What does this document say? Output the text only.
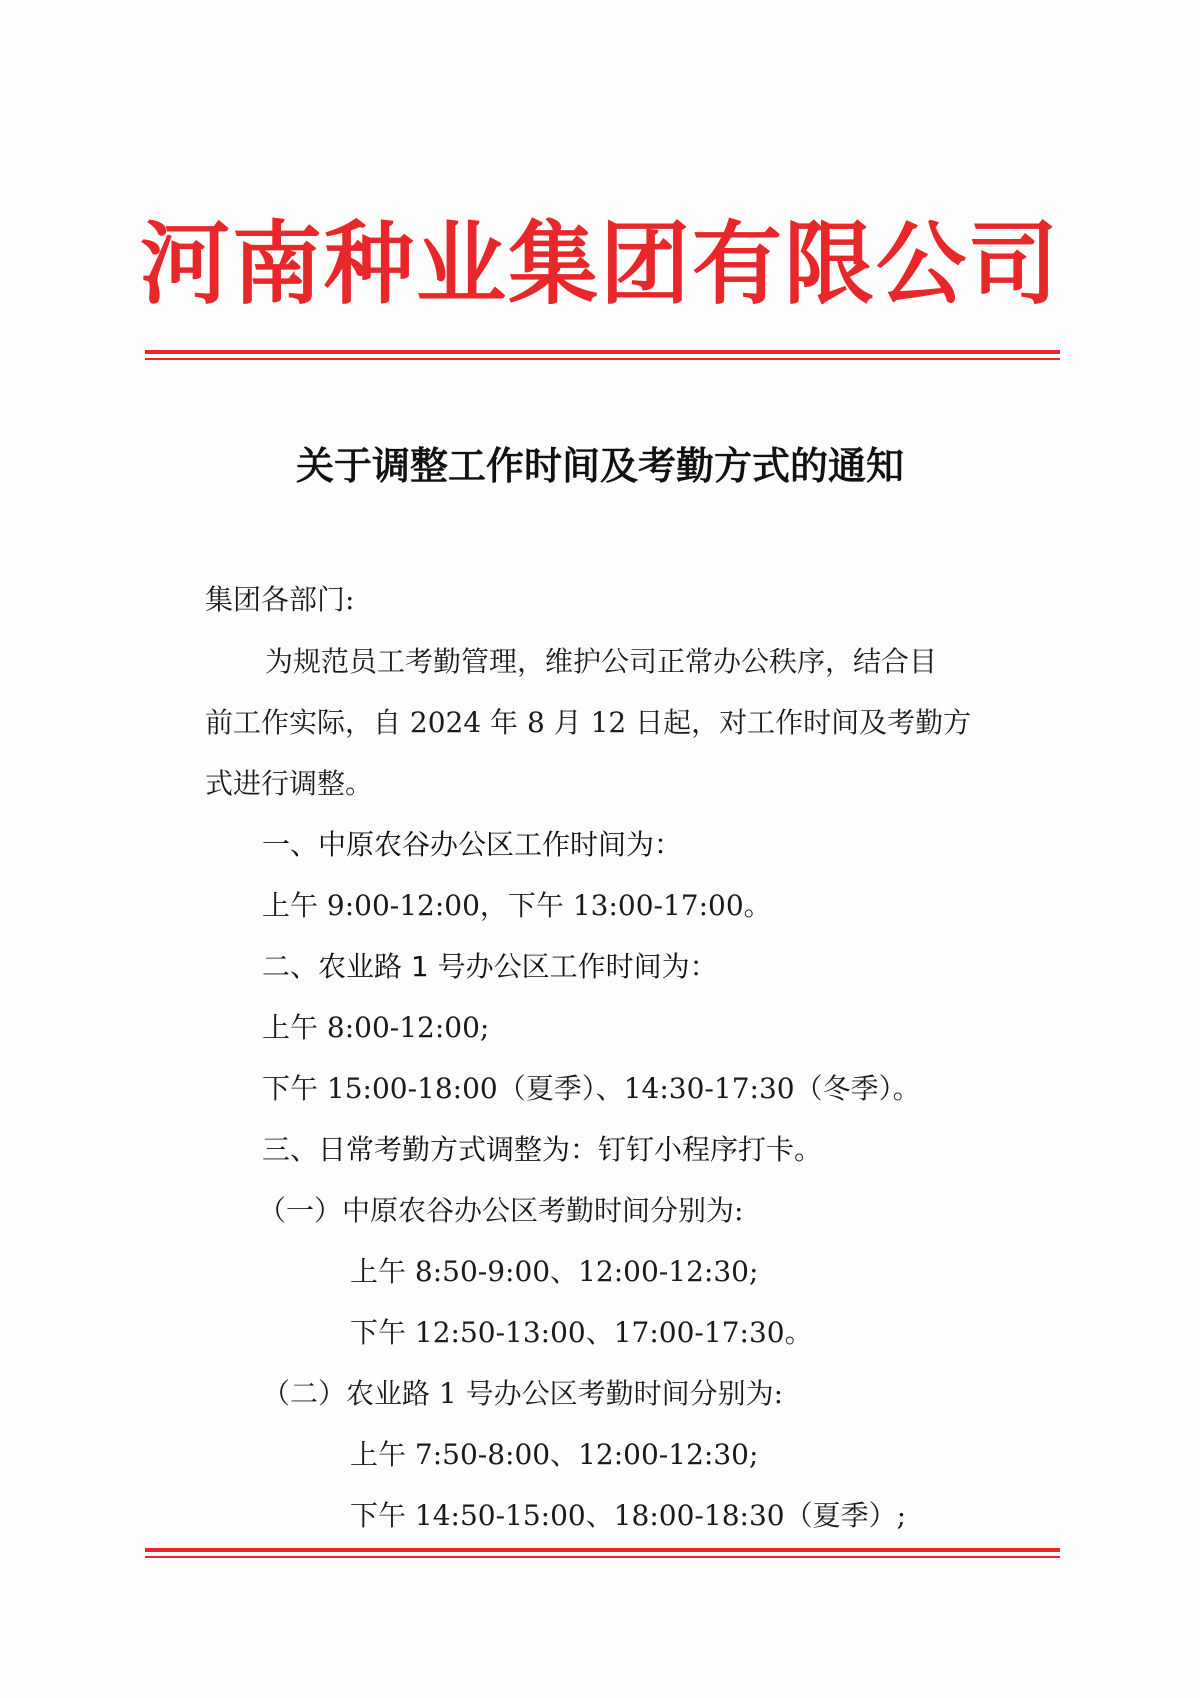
河南种业集团有限公司
关于调整工作时间及考勤方式的通知
集团各部门:
为规范员工考勤管理，维护公司正常办公秩序，结合目
前工作实际，自 2024 年 8 月 12 日起，对工作时间及考勤方
式进行调整。
一、中原农谷办公区工作时间为：
上午 9:00-12:00，下午 13:00-17:00。
二、农业路 1 号办公区工作时间为：
上午 8:00-12:00;
下午 15:00-18:00（夏季）、14:30-17:30（冬季）。
三、日常考勤方式调整为：钉钉小程序打卡。
（一）中原农谷办公区考勤时间分别为:
上午 8:50-9:00、12:00-12:30;
下午 12:50-13:00、17:00-17:30。
（二）农业路 1 号办公区考勤时间分别为:
上午 7:50-8:00、12:00-12:30;
下午 14:50-15:00、18:00-18:30（夏季）;
